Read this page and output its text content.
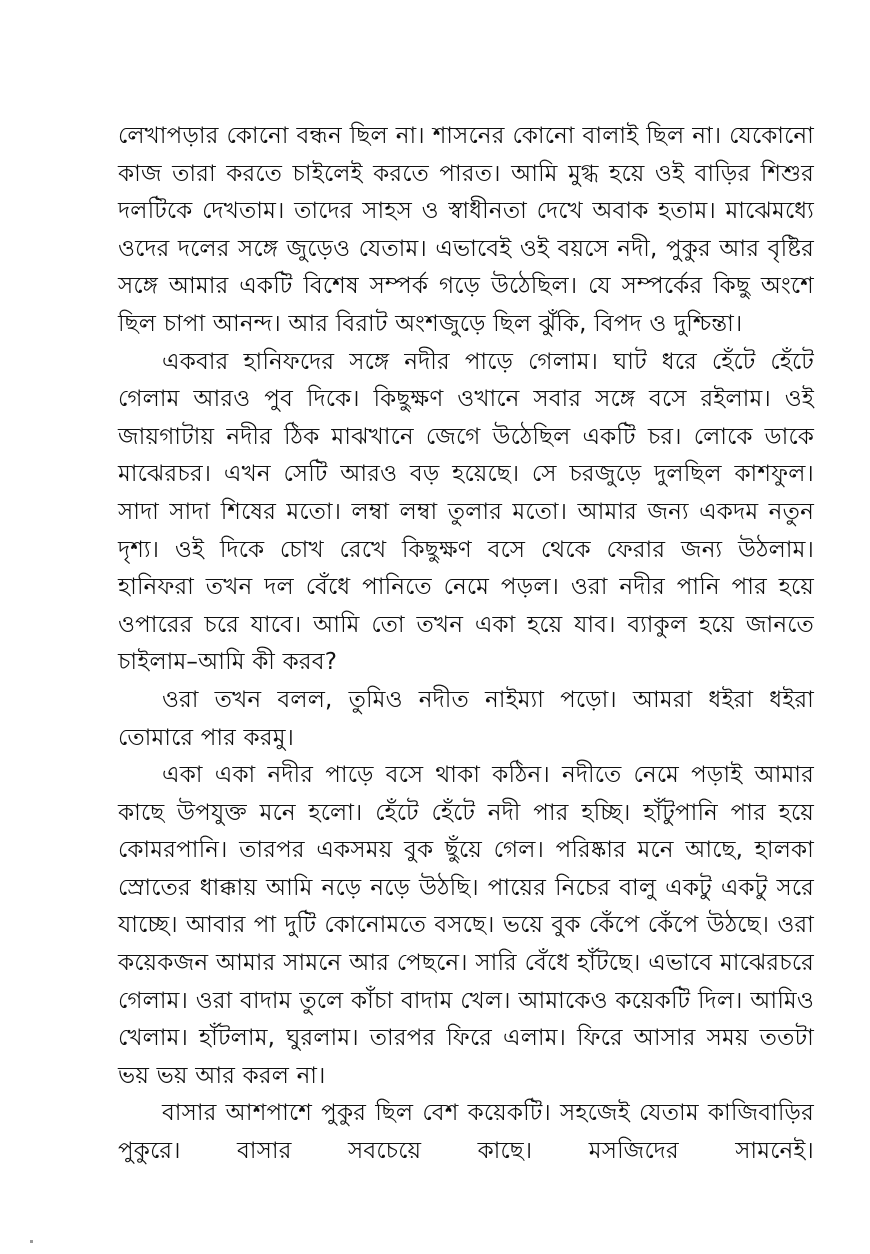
লেখাপড়ার কোনো বন্ধন ছিল না। শাসনের কোনো বালাই ছিল না। যেকোনো কাজ তারা করতে চাইলেই করতে পারত। আমি মুগ্ধ হয়ে ওই বাড়ির শিশুর দলটিকে দেখতাম। তাদের সাহস ও স্বাধীনতা দেখে অবাক হতাম। মাঝেমধ্যে ওদের দলের সঙ্গে জুড়েও যেতাম। এভাবেই ওই বয়সে নদী, পুকুর আর বৃষ্টির সঙ্গে আমার একটি বিশেষ সম্পর্ক গড়ে উঠেছিল। যে সম্পর্কের কিছু অংশে ছিল চাপা আনন্দ। আর বিরাট অংশজুড়ে ছিল ঝুঁকি, বিপদ ও দুশ্চিন্তা।

একবার হানিফদের সঙ্গে নদীর পাড়ে গেলাম। ঘাট ধরে হেঁটে হেঁটে গেলাম আরও পুব দিকে। কিছুক্ষণ ওখানে সবার সঙ্গে বসে রইলাম। ওই জায়গাটায় নদীর ঠিক মাঝখানে জেগে উঠেছিল একটি চর। লোকে ডাকে মাঝেরচর। এখন সেটি আরও বড় হয়েছে। সে চরজুড়ে দুলছিল কাশফুল। সাদা সাদা শিষের মতো। লম্বা লম্বা তুলার মতো। আমার জন্য একদম নতুন দৃশ্য। ওই দিকে চোখ রেখে কিছুক্ষণ বসে থেকে ফেরার জন্য উঠলাম। হানিফরা তখন দল বেঁধে পানিতে নেমে পড়ল। ওরা নদীর পানি পার হয়ে ওপারের চরে যাবে। আমি তো তখন একা হয়ে যাব। ব্যাকুল হয়ে জানতে চাইলাম–আমি কী করব?

ওরা তখন বলল, তুমিও নদীত নাইম্যা পড়ো। আমরা ধইরা ধইরা তোমারে পার করমু।

একা একা নদীর পাড়ে বসে থাকা কঠিন। নদীতে নেমে পড়াই আমার কাছে উপযুক্ত মনে হলো। হেঁটে হেঁটে নদী পার হচ্ছি। হাঁটুপানি পার হয়ে কোমরপানি। তারপর একসময় বুক ছুঁয়ে গেল। পরিষ্কার মনে আছে, হালকা স্রোতের ধাক্কায় আমি নড়ে নড়ে উঠছি। পায়ের নিচের বালু একটু একটু সরে যাচ্ছে। আবার পা দুটি কোনোমতে বসছে। ভয়ে বুক কেঁপে কেঁপে উঠছে। ওরা কয়েকজন আমার সামনে আর পেছনে। সারি বেঁধে হাঁটছে। এভাবে মাঝেরচরে গেলাম। ওরা বাদাম তুলে কাঁচা বাদাম খেল। আমাকেও কয়েকটি দিল। আমিও খেলাম। হাঁটলাম, ঘুরলাম। তারপর ফিরে এলাম। ফিরে আসার সময় ততটা ভয় ভয় আর করল না।

বাসার আশপাশে পুকুর ছিল বেশ কয়েকটি। সহজেই যেতাম কাজিবাড়ির পুকুরে। বাসার সবচেয়ে কাছে। মসজিদের সামনেই।
